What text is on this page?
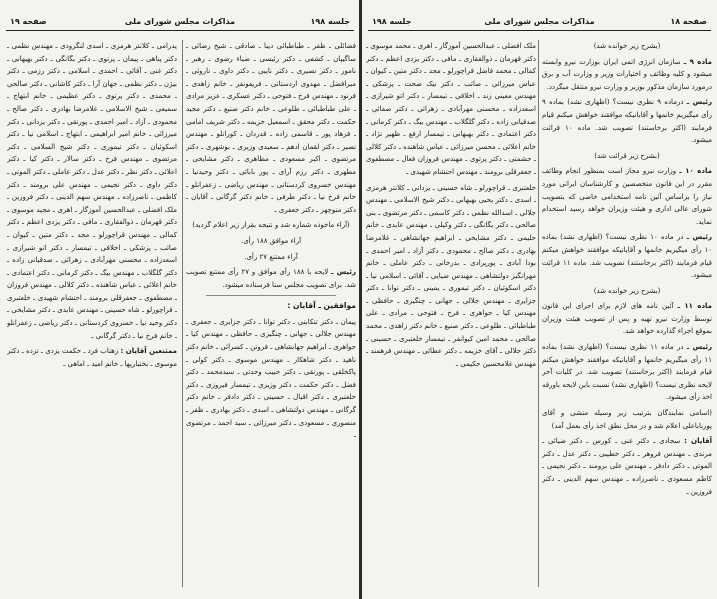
جلسه ۱۹۸
مذاکرات مجلس شورای ملی
صفحه ۱۹

فضائلی ـ ظفر ـ طباطبائی دیبا ـ صادقی ـ شیخ رضائی ـ ساگیپان ـ کشفی ـ دکتر رئیسی ـ ضیاء رضوی ـ رهبر ـ نامور ـ دکتر نصیری ـ دکتر نایبی ـ دکتر داوی ـ ناروئی ـ میرافضل ـ مهدوی اردستانی ـ فریفونفر ـ خانم زاهدی ـ فرنود ـ مهندس فرخ ـ فتوحی ـ دکتر عسکری ـ عزیز مرادی ـ علی طباطبائی ـ طلوعی ـ خانم دکتر صنیع ـ دکتر مجید حکمت ـ دکتر محقق ـ اسمعیل خزیمه ـ دکتر شریف امامی ـ فرهاد پور ـ قاسمی زاده ـ قدردان ـ کورانلو ـ مهندس نصیر ـ دکتر لقمان ادهم ـ سعیدی وزیری ـ بوشهری ـ دکتر مرتضوی ـ اکبر مسعودی ـ مظاهری ـ دکتر مشایخی ـ مطهری ـ دکتر رزم آرای ـ پور بابائی ـ دکتر وحیدنیا ـ مهندس خسروی کردستانی ـ مهندس ریاضی ـ زعفرانلو ـ خانم فرخ نیا ـ دکتر طرفی ـ خانم دکتر گرگانی ـ آقایان ـ دکتر منوچهر ـ دکتر جعفری ـ

(آراء ماخوذه شماره شد و نتیجه بقرار زیر اعلام گردید)

آراء موافق ۱۸۸ رأی.

آراء ممتنع ۲۷ رأی.

رئیس ـ لایحه با ۱۸۸ رأی موافق و ۲۷ رأی ممتنع تصویب شد. برای تصویب مجلس سنا فرستاده میشود.

موافقین ـ آقایان :

پیمان ـ دکتر تنکابنی ـ دکتر توانا ـ دکتر جزایری ـ جعفری ـ مهندس جلالی ـ جهانی ـ چنگیزی ـ حافظی ـ مهندس کیا ـ جواهری ـ ابراهیم جهانشاهی ـ فروتن ـ کسرائی ـ خانم دکتر ناهید ـ دکتر شاهکار ـ مهندس موسوی ـ دکتر کولی ـ پاکخلقی ـ پورنقی ـ دکتر حبیب وحدتی ـ سیدمحمد ـ دکتر فضل ـ دکتر حکمت ـ دکتر وزیری ـ تیمسار فیروزی ـ دکتر خلعتبری ـ دکتر اقبال ـ حسینی ـ دکتر دادفر ـ خانم دکتر گرگانی ـ مهندس دولتشاهی ـ اسدی ـ دکتر بهادری ـ ظفر ـ منصوری ـ مسعودی ـ دکتر میرزائی ـ سید احمد ـ مرتضوی ـ

پدرامی ـ کلانتر هرمزی ـ اسدی لنگرودی ـ مهندس نظمی ـ دکتر پناهی ـ پیمان ـ پرتوی ـ دکتر یگانگی ـ دکتر بهبهانی ـ دکتر غنی ـ آقائی ـ احمدی ـ اسلامی ـ دکتر رزمی ـ دکتر بیژن ـ دکتر نظمی ـ جهان آرا ـ دکتر کاشانی ـ دکتر صالحی ـ محمدی ـ دکتر پرتوی ـ دکتر عظیمی ـ خانم ابتهاج ـ سمیعی ـ شیخ الاسلامی ـ غلامرضا بهادری ـ دکتر صالح ـ محمودی ـ آزاد ـ امیر احمدی ـ پورنقی ـ دکتر یزدانی ـ دکتر میرزائی ـ خانم امیر ابراهیمی ـ ابتهاج ـ اسلامی نیا ـ دکتر اسکوئیان ـ دکتر تیموری ـ دکتر شیخ السلامی ـ دکتر مرتضوی ـ مهندس فرخ ـ دکتر سالار ـ دکتر کیا ـ دکتر اعلائی ـ دکتر نظر ـ دکتر عدل ـ دکتر عاملی ـ دکتر الموتی ـ دکتر داوی ـ دکتر نجیمی ـ مهندس علی برومند ـ دکتر کاظمی ـ ناصرزاده ـ مهندس سهم الدینی ـ دکتر فروزین ـ ملک افضلی ـ عبدالحسین آموزگار ـ اهری ـ مجید موسوی ـ دکتر قهرمان ـ ذوالفقاری ـ مافی ـ دکتر یزدی اعظم ـ دکتر کمالی ـ مهندس قراچورلو ـ مجد ـ دکتر متین ـ کیوان ـ صائب ـ پزشکی ـ اخلاقی ـ تیمسار ـ دکتر اتو شیرازی ـ اسعدزاده ـ محسنی مهرآبادی ـ زهرائی ـ صدقیانی زاده ـ دکتر گلگلاب ـ مهندس بیگ ـ دکتر کرمانی ـ دکتر اعتمادی ـ خانم اعلائی ـ عباس شاهنده ـ دکتر کلالی ـ مهندس فروزان ـ مصطفوی ـ جعفرقلی برومند ـ احتشام شهیدی ـ خلعتبری ـ قراچورلو ـ شاه حسینی ـ مهندس عابدی ـ دکتر مشایخی ـ دکتر وحید نیا ـ خسروی کردستانی ـ دکتر ریاضی ـ زعفرانلو ـ خانم فرخ نیا ـ دکتر گرگانی ـ

ممتنعین آقایان : زهتاب فرد ـ حکمت یزدی ـ تزده ـ دکتر موسوی ـ بختیارپها ـ خانم امید ـ اماهی ـ

صفحه ۱۸
مذاکرات مجلس شورای ملی
جلسه ۱۹۸

(بشرح زیر خوانده شد)

ماده ۹ ـ سازمان انرژی اتمی ایران بوزارت نیرو وابسته میشود و کلیه وظائف و اختیارات وزیر و وزارت آب و برق درمورد سازمان مذکور بوزیر و وزارت نیرو منتقل میگردد.

رئیس ـ درماده ۹ نظری نیست؟ (اظهاری نشد) بماده ۹ رأی میگیریم خانمها و آقایانیکه موافقند خواهش میکنم قیام فرمایند (اکثر برخاستند) تصویب شد. ماده ۱۰ قرائت میشود.

(بشرح زیر قرائت شد)

ماده ۱۰ ـ وزارت نیرو مجاز است بمنظور انجام وظائف مقرر در این قانون متخصصین و کارشناسان ایرانی مورد نیاز را براساس آئین نامه استخدامی خاصی که بتصویب شورای عالی اداری و هیئت وزیران خواهد رسید استخدام نماید.

رئیس ـ در ماده ۱۰ نظری نیست؟ (اظهاری نشد) بماده ۱۰ رأی میگیریم خانمها و آقایانیکه موافقند خواهش میکنم قیام فرمایند (اکثر برخاستند) تصویب شد. ماده ۱۱ قرائت میشود.

(بشرح زیر خوانده شد)

ماده ۱۱ ـ آئین نامه های لازم برای اجرای این قانون توسط وزارت نیرو تهیه و پس از تصویب هیئت وزیران بموقع اجراء گذارده خواهد شد.

رئیس ـ در ماده ۱۱ نظری نیست؟ (اظهاری نشد) بماده ۱۱ رأی میگیریم خانمها و آقایانیکه موافقند خواهش میکنم قیام فرمایند (اکثر برخاستند) تصویب شد. در کلیات آخر لایحه نظری نیست؟ (اظهاری نشد) نسبت باین لایحه باورقه اخذ رأی میشود.

(اسامی نمایندگان بترتیب زیر وسیله منشی و آقای پورباباعلی اعلام شد و در محل نطق اخذ رأی بعمل آمد)

آقایان : سجادی ـ دکتر غنی ـ کورس ـ دکتر ضیائی ـ مرندی ـ مهندس فروهر ـ دکتر خطیبی ـ دکتر عدل ـ دکتر الموتی ـ دکتر دادفر ـ مهندس علی برومند ـ دکتر نجیمی ـ کاظم مسعودی ـ ناصرزاده ـ مهندس سهم الدینی ـ دکتر فروزین ـ

ملک افضلی ـ عبدالحسین آموزگار ـ اهری ـ محمد موسوی ـ دکتر قهرمان ـ ذوالفقاری ـ مافی ـ دکتر یزدی اعظم ـ دکتر کمالی ـ محمد فاضل قراچورلو ـ مجد ـ دکتر متین ـ کیوان ـ عباس میرزائی ـ صائب ـ دکتر نیک صحت ـ پزشکی ـ مهندس معینی زند ـ اخلاقی ـ تیمسار ـ دکتر اتو شیرازی ـ اسعدزاده ـ محسنی مهرآبادی ـ زهرائی ـ دکتر صفائی ـ صدقیانی زاده ـ دکتر گلگلاب ـ مهندس بیگ ـ دکتر کرمانی ـ دکتر اعتمادی ـ دکتر بهبهانی ـ تیمسار ارفع ـ ظهیر نژاد ـ خاتم اعلائی ـ محسن میرزائی ـ عباس شاهنده ـ دکتر کلالی ـ حشمتی ـ دکتر پرتوی ـ مهندس فروزان فعال ـ مصطفوی ـ جعفرقلی برومند ـ مهندس احتشام شهیدی ـ

خلعتبری ـ قراچورلو ـ شاه حسینی ـ یزدانی ـ کلانتر هرمزی ـ اسدی ـ دکتر یحیی بهبهانی ـ دکتر شیخ الاسلامی ـ مهندس جلالی ـ اسدالله نظمی ـ دکتر کاسمی ـ دکتر مرتضوی ـ بنی صالحی ـ دکتر یگانگی ـ دکتر وکیلی ـ مهندس عابدی ـ خانم حلیمی ـ دکتر مشایخی ـ ابراهیم جهانشاهی ـ غلامرضا بهادری ـ دکتر صالح ـ محمودی ـ دکتر آزاد ـ امیر احمدی ـ بودا آبادی ـ پورپرادی ـ بدرخانی ـ دکتر عاملی ـ خانم مهرانگیز دولتشاهی ـ مهندس ضیایی ـ آقائی ـ اسلامی نیا ـ دکتر اسکوئیان ـ دکتر تیموری ـ یمینی ـ دکتر توانا ـ دکتر جزایری ـ مهندس جلالی ـ جهانی ـ چنگیزی ـ حافظی ـ مهندس کیا ـ جواهری ـ فرخ ـ فتوحی ـ مرادی ـ علی طباطبائی ـ طلوعی ـ دکتر صنیع ـ خانم دکتر زاهدی ـ محمد صالحی ـ محمد امین کیوانفر ـ تیمسار خلعتبری ـ حسینی ـ دکتر جلالی ـ آقای خزیمه ـ دکتر عطائی ـ مهندس فرهمند ـ مهندس غلامحسین حکیمی ـ
